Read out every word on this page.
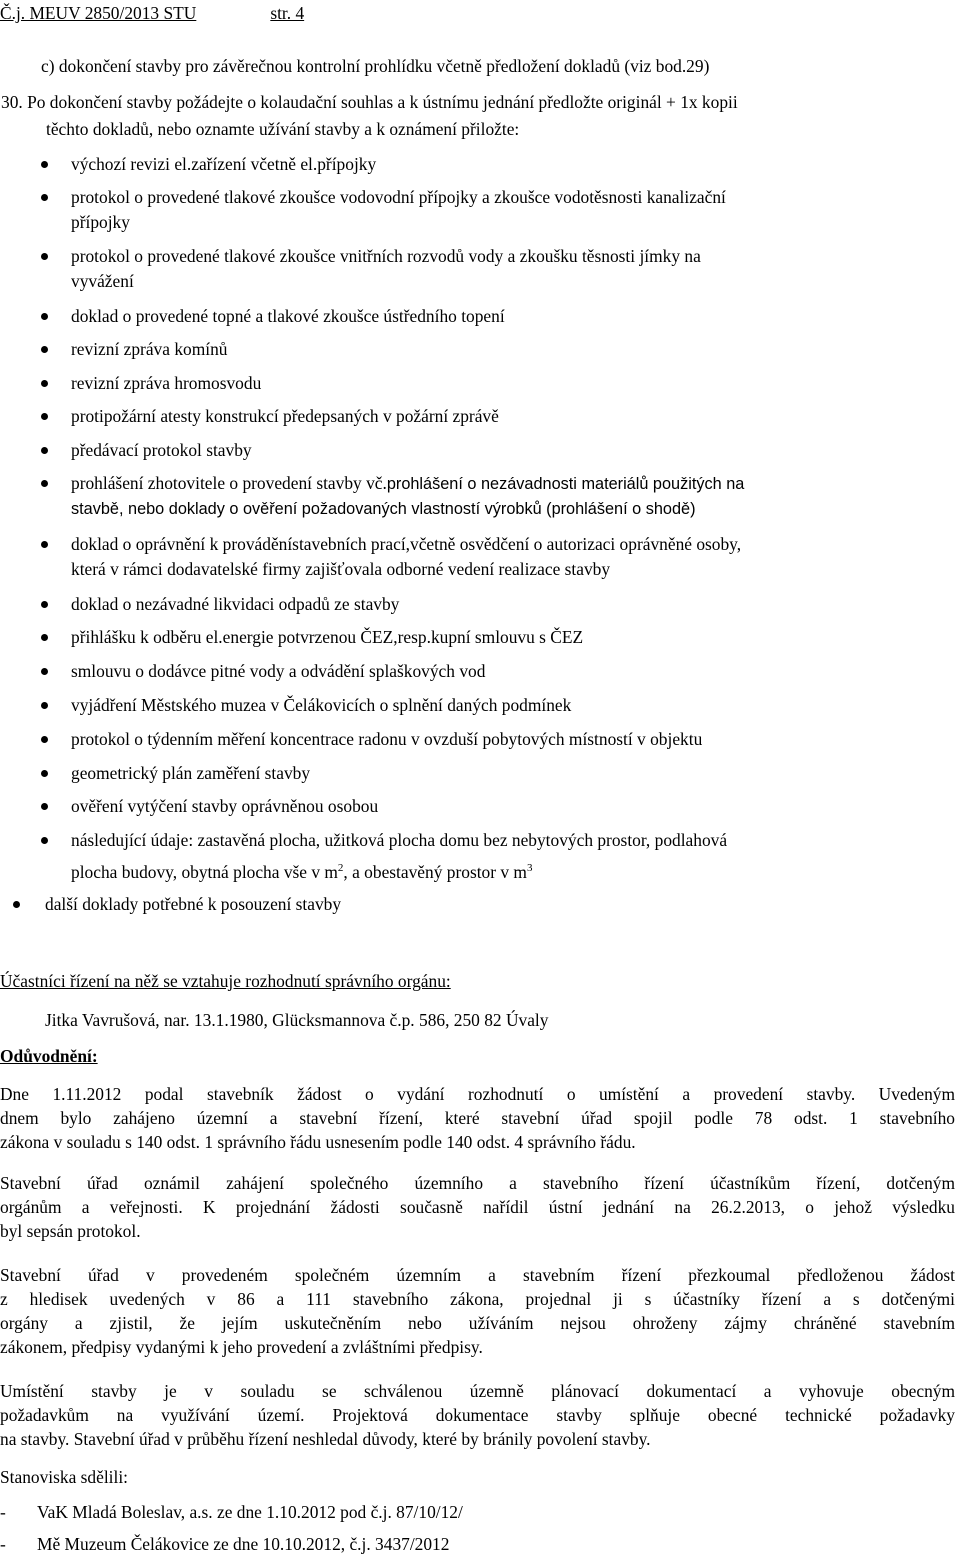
Č.j. MEUV 2850/2013 STU	str. 4
c) dokončení stavby pro závěrečnou kontrolní prohlídku včetně předložení dokladů (viz bod.29)
30. Po dokončení stavby požádejte o kolaudační souhlas a k ústnímu jednání předložte originál + 1x kopii
těchto dokladů, nebo oznamte užívání stavby a k oznámení přiložte:
výchozí revizi el.zařízení včetně el.přípojky
protokol o provedené tlakové zkoušce vodovodní přípojky a zkoušce vodotěsnosti kanalizační
přípojky
protokol o provedené tlakové zkoušce vnitřních rozvodů vody a zkoušku těsnosti jímky na
vyvážení
doklad o provedené topné a tlakové zkoušce ústředního topení
revizní zpráva komínů
revizní zpráva hromosvodu
protipožární atesty konstrukcí předepsaných v požární zprávě
předávací protokol stavby
prohlášení zhotovitele o provedení stavby vč.prohlášení o nezávadnosti materiálů použitých na
stavbě, nebo doklady o ověření požadovaných vlastností výrobků (prohlášení o shodě)
doklad o oprávnění k prováděnístavebních prací,včetně osvědčení o autorizaci oprávněné osoby,
která v rámci dodavatelské firmy zajišťovala odborné vedení realizace stavby
doklad o nezávadné likvidaci odpadů ze stavby
přihlášku k odběru el.energie potvrzenou ČEZ,resp.kupní smlouvu s ČEZ
smlouvu o dodávce pitné vody a odvádění splaškových vod
vyjádření Městského muzea v Čelákovicích o splnění daných podmínek
protokol o týdenním měření koncentrace radonu v ovzduší pobytových místností v objektu
geometrický plán zaměření stavby
ověření vytýčení stavby oprávněnou osobou
následující údaje: zastavěná plocha, užitková plocha domu bez nebytových prostor, podlahová
plocha budovy, obytná plocha vše v $m^2$, a obestavěný prostor v $m^3$
další doklady potřebné k posouzení stavby
Účastníci řízení na něž se vztahuje rozhodnutí správního orgánu:
Jitka Vavrušová, nar. 13.1.1980, Glücksmannova č.p. 586, 250 82 Úvaly
Odůvodnění:
Dne 1.11.2012 podal stavebník žádost o vydání rozhodnutí o umístění a provedení stavby. Uvedeným
dnem bylo zahájeno územní a stavební řízení, které stavební úřad spojil podle 78 odst. 1 stavebního
zákona v souladu s 140 odst. 1 správního řádu usnesením podle 140 odst. 4 správního řádu.
Stavební úřad oznámil zahájení společného územního a stavebního řízení účastníkům řízení, dotčeným
orgánům a veřejnosti. K projednání žádosti současně nařídil ústní jednání na 26.2.2013, o jehož výsledku
byl sepsán protokol.
Stavební úřad v provedeném společném územním a stavebním řízení přezkoumal předloženou žádost
z hledisek uvedených v 86 a 111 stavebního zákona, projednal ji s účastníky řízení a s dotčenými
orgány a zjistil, že jejím uskutečněním nebo užíváním nejsou ohroženy zájmy chráněné stavebním
zákonem, předpisy vydanými k jeho provedení a zvláštními předpisy.
Umístění stavby je v souladu se schválenou územně plánovací dokumentací a vyhovuje obecným
požadavkům na využívání území. Projektová dokumentace stavby splňuje obecné technické požadavky
na stavby. Stavební úřad v průběhu řízení neshledal důvody, které by bránily povolení stavby.
Stanoviska sdělili:
- VaK Mladá Boleslav, a.s. ze dne 1.10.2012 pod č.j. 87/10/12/
- Mě Muzeum Čelákovice ze dne 10.10.2012, č.j. 3437/2012
